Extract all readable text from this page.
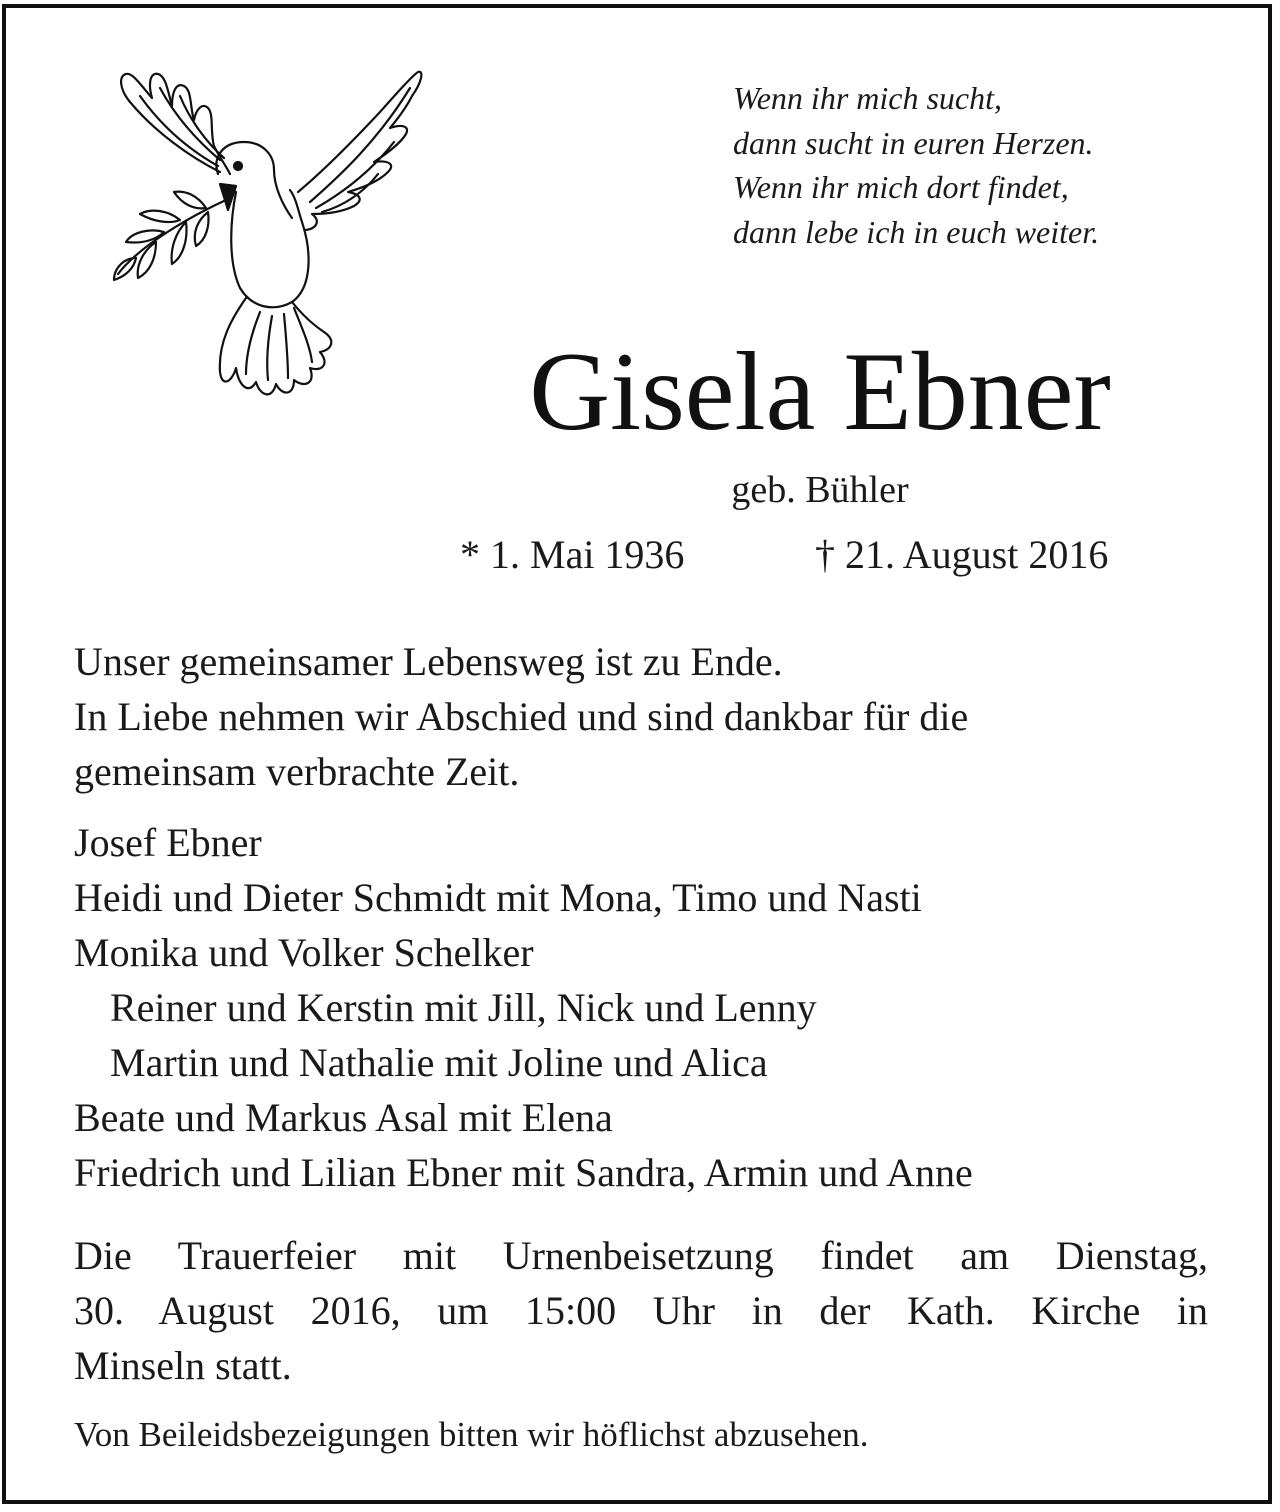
Wenn ihr mich sucht,
dann sucht in euren Herzen.
Wenn ihr mich dort findet,
dann lebe ich in euch weiter.
Gisela Ebner
geb. Bühler
* 1. Mai 1936	† 21. August 2016
Unser gemeinsamer Lebensweg ist zu Ende.
In Liebe nehmen wir Abschied und sind dankbar für die
gemeinsam verbrachte Zeit.
Josef Ebner
Heidi und Dieter Schmidt mit Mona, Timo und Nasti
Monika und Volker Schelker
Reiner und Kerstin mit Jill, Nick und Lenny
Martin und Nathalie mit Joline und Alica
Beate und Markus Asal mit Elena
Friedrich und Lilian Ebner mit Sandra, Armin und Anne
Die Trauerfeier mit Urnenbeisetzung findet am Dienstag,
30. August 2016, um 15:00 Uhr in der Kath. Kirche in
Minseln statt.
Von Beileidsbezeigungen bitten wir höflichst abzusehen.
